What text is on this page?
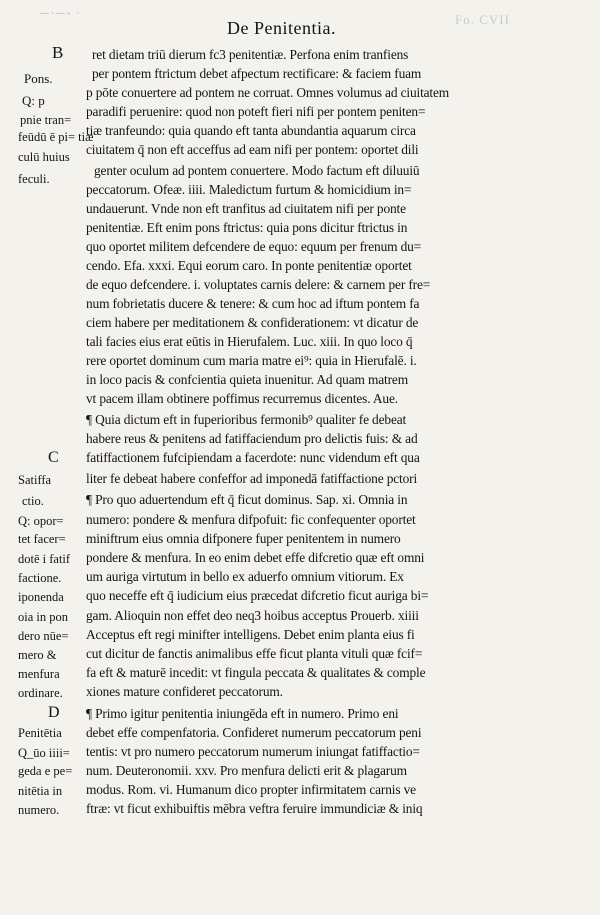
—·—◦ ·	Fo. CVII
De Penitentia.
B
Pons.
Q: p
pnie tran=
feūdū ē pi= tiæ
culū huius
feculi.
C
Satiffa
ctio.
Q: opor=
tet facer=
dotē i fatif
factione.
iponenda
oia in pon
dero nūe=
mero &
menfura
ordinare.
D
Penitētia
Q_ūo iiii=
geda e pe=
nitētia in
numero.
ret dietam triū dierum fc3 penitentiæ. Perfona enim tranfiens
per pontem ftrictum debet afpectum rectificare: & faciem fuam
p pōte conuertere ad pontem ne corruat. Omnes volumus ad ciuitatem
paradifi peruenire: quod non poteft fieri nifi per pontem peniten=
tiæ tranfeundo: quia quando eft tanta abundantia aquarum circa
ciuitatem q̄ non eft acceffus ad eam nifi per pontem: oportet dili
genter oculum ad pontem conuertere. Modo factum eft diluuiū
peccatorum. Ofeæ. iiii. Maledictum furtum & homicidium in=
undauerunt. Vnde non eft tranfitus ad ciuitatem nifi per ponte
penitentiæ. Eft enim pons ftrictus: quia pons dicitur ftrictus in
quo oportet militem defcendere de equo: equum per frenum du=
cendo. Efa. xxxi. Equi eorum caro. In ponte penitentiæ oportet
de equo defcendere. i. voluptates carnis delere: & carnem per fre=
num fobrietatis ducere & tenere: & cum hoc ad iftum pontem fa
ciem habere per meditationem & confiderationem: vt dicatur de
tali facies eius erat eūtis in Hierufalem. Luc. xiii. In quo loco q̄
rere oportet dominum cum maria matre ei⁹: quia in Hierufalē. i.
in loco pacis & confcientia quieta inuenitur. Ad quam matrem
vt pacem illam obtinere poffimus recurremus dicentes. Aue.
¶ Quia dictum eft in fuperioribus fermonib⁹ qualiter fe debeat
habere reus & penitens ad fatiffaciendum pro delictis fuis: & ad
fatiffactionem fufcipiendam a facerdote: nunc videndum eft qua
liter fe debeat habere confeffor ad imponedā fatiffactione pctori
¶ Pro quo aduertendum eft q̄ ficut dominus. Sap. xi. Omnia in
numero: pondere & menfura difpofuit: fic confequenter oportet
miniftrum eius omnia difponere fuper penitentem in numero
pondere & menfura. In eo enim debet effe difcretio quæ eft omni
um auriga virtutum in bello ex aduerfo omnium vitiorum. Ex
quo neceffe eft q̄ iudicium eius præcedat difcretio ficut auriga bi=
gam. Alioquin non effet deo neq3 hoibus acceptus Prouerb. xiiii
Acceptus eft regi minifter intelligens. Debet enim planta eius fi
cut dicitur de fanctis animalibus effe ficut planta vituli quæ fcif=
fa eft & maturē incedit: vt fingula peccata & qualitates & comple
xiones mature confideret peccatorum.
¶ Primo igitur penitentia iniungēda eft in numero. Primo eni
debet effe compenfatoria. Confideret numerum peccatorum peni
tentis: vt pro numero peccatorum numerum iniungat fatiffactio=
num. Deuteronomii. xxv. Pro menfura delicti erit & plagarum
modus. Rom. vi. Humanum dico propter infirmitatem carnis ve
ftræ: vt ficut exhibuiftis mēbra veftra feruire immundiciæ & iniq
